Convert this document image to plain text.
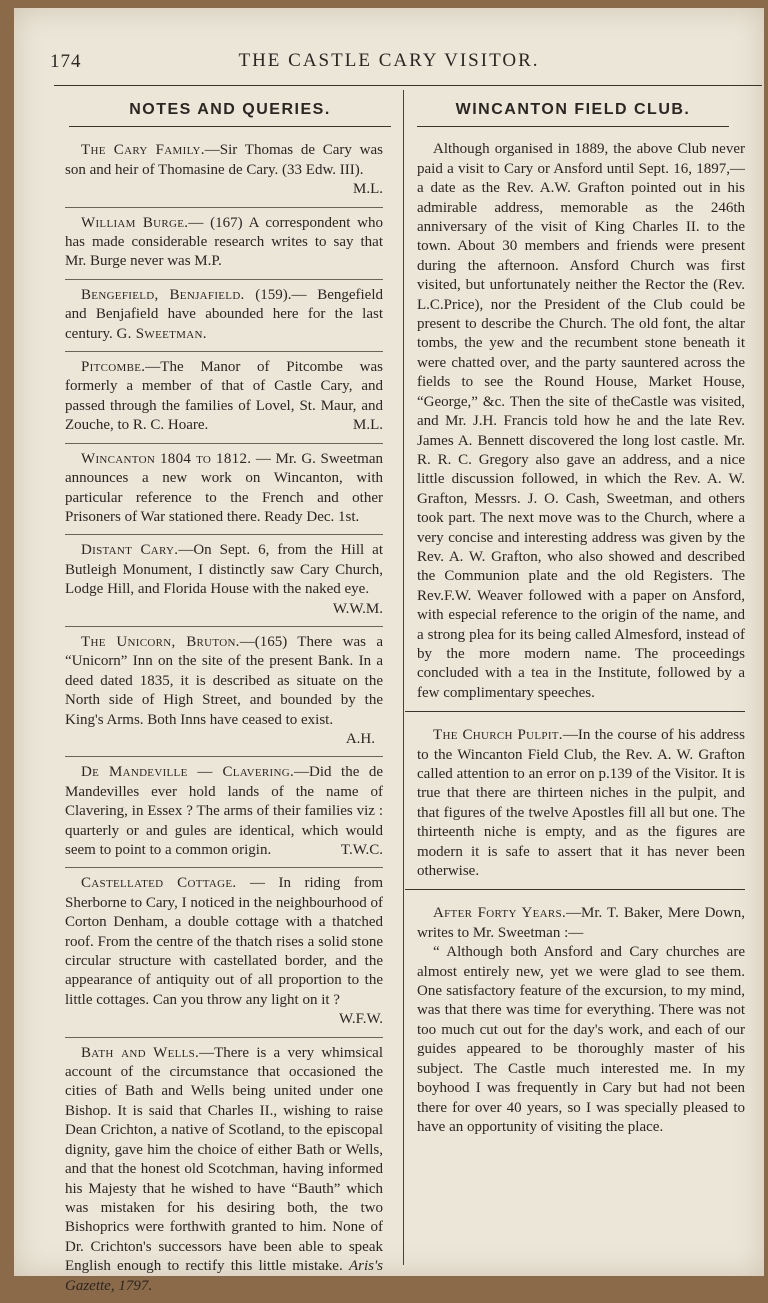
174	THE CASTLE CARY VISITOR.
NOTES AND QUERIES.

The Cary Family.—Sir Thomas de Cary was son and heir of Thomasine de Cary. (33 Edw. III).
M.L.

William Burge.— (167) A correspondent who has made considerable research writes to say that Mr. Burge never was M.P.

Bengefield, Benjafield. (159).— Bengefield and Benjafield have abounded here for the last century. G. Sweetman.

Pitcombe.—The Manor of Pitcombe was formerly a member of that of Castle Cary, and passed through the families of Lovel, St. Maur, and Zouche, to R. C. Hoare.	M.L.

Wincanton 1804 to 1812. — Mr. G. Sweetman announces a new work on Wincanton, with particular reference to the French and other Prisoners of War stationed there. Ready Dec. 1st.

Distant Cary.—On Sept. 6, from the Hill at Butleigh Monument, I distinctly saw Cary Church, Lodge Hill, and Florida House with the naked eye.
W.W.M.

The Unicorn, Bruton.—(165) There was a “Unicorn” Inn on the site of the present Bank. In a deed dated 1835, it is described as situate on the North side of High Street, and bounded by the King's Arms. Both Inns have ceased to exist.

A.H.

De Mandeville — Clavering.—Did the de Mandevilles ever hold lands of the name of Clavering, in Essex ? The arms of their families viz : quarterly or and gules are identical, which would seem to point to a common origin.	T.W.C.

Castellated Cottage. — In riding from Sherborne to Cary, I noticed in the neighbourhood of Corton Denham, a double cottage with a thatched roof. From the centre of the thatch rises a solid stone circular structure with castellated border, and the appearance of antiquity out of all proportion to the little cottages. Can you throw any light on it ?
W.F.W.

Bath and Wells.—There is a very whimsical account of the circumstance that occasioned the cities of Bath and Wells being united under one Bishop. It is said that Charles II., wishing to raise Dean Crichton, a native of Scotland, to the episcopal dignity, gave him the choice of either Bath or Wells, and that the honest old Scotchman, having informed his Majesty that he wished to have “Bauth” which was mistaken for his desiring both, the two Bishoprics were forthwith granted to him. None of Dr. Crichton's successors have been able to speak English enough to rectify this little mistake. Aris's Gazette, 1797.

WINCANTON FIELD CLUB.

Although organised in 1889, the above Club never paid a visit to Cary or Ansford until Sept. 16, 1897,—a date as the Rev. A.W. Grafton pointed out in his admirable address, memorable as the 246th anniversary of the visit of King Charles II. to the town. About 30 members and friends were present during the afternoon. Ansford Church was first visited, but unfortunately neither the Rector the (Rev. L.C.Price), nor the President of the Club could be present to describe the Church. The old font, the altar tombs, the yew and the recumbent stone beneath it were chatted over, and the party sauntered across the fields to see the Round House, Market House, “George,” &c. Then the site of theCastle was visited, and Mr. J.H. Francis told how he and the late Rev. James A. Bennett discovered the long lost castle. Mr. R. R. C. Gregory also gave an address, and a nice little discussion followed, in which the Rev. A. W. Grafton, Messrs. J. O. Cash, Sweetman, and others took part. The next move was to the Church, where a very concise and interesting address was given by the Rev. A. W. Grafton, who also showed and described the Communion plate and the old Registers. The Rev.F.W. Weaver followed with a paper on Ansford, with especial reference to the origin of the name, and a strong plea for its being called Almesford, instead of by the more modern name. The proceedings concluded with a tea in the Institute, followed by a few complimentary speeches.

The Church Pulpit.—In the course of his address to the Wincanton Field Club, the Rev. A. W. Grafton called attention to an error on p.139 of the Visitor. It is true that there are thirteen niches in the pulpit, and that figures of the twelve Apostles fill all but one. The thirteenth niche is empty, and as the figures are modern it is safe to assert that it has never been otherwise.

After Forty Years.—Mr. T. Baker, Mere Down, writes to Mr. Sweetman :—

“ Although both Ansford and Cary churches are almost entirely new, yet we were glad to see them. One satisfactory feature of the excursion, to my mind, was that there was time for everything. There was not too much cut out for the day's work, and each of our guides appeared to be thoroughly master of his subject. The Castle much interested me. In my boyhood I was frequently in Cary but had not been there for over 40 years, so I was specially pleased to have an opportunity of visiting the place.
